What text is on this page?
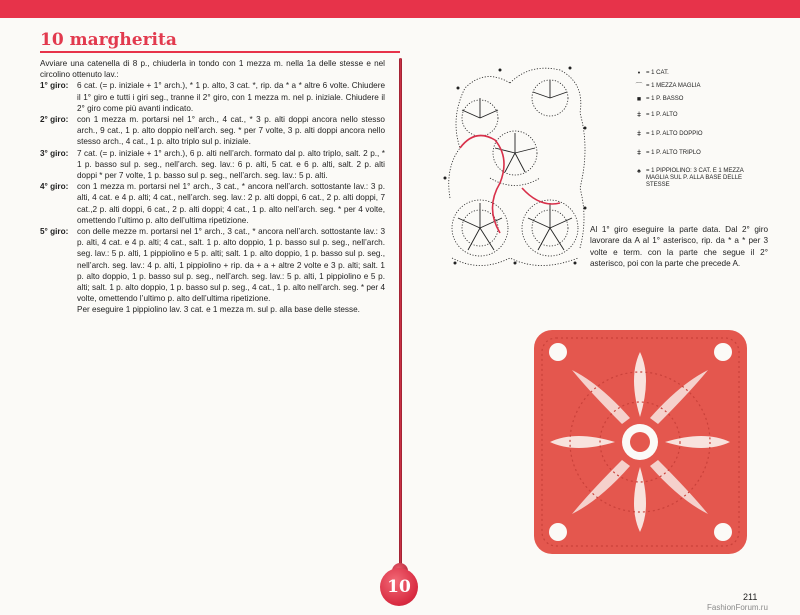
10 margherita

Avviare una catenella di 8 p., chiuderla in tondo con 1 mezza m. nella 1a delle stesse e nel circolino ottenuto lav.:

1° giro:	6 cat. (= p. iniziale + 1° arch.), * 1 p. alto, 3 cat. *, rip. da * a * altre 6 volte. Chiudere il 1° giro e tutti i giri seg., tranne il 2° giro, con 1 mezza m. nel p. iniziale. Chiudere il 2° giro come più avanti indicato.
2° giro:	con 1 mezza m. portarsi nel 1° arch., 4 cat., * 3 p. alti doppi ancora nello stesso arch., 9 cat., 1 p. alto doppio nell’arch. seg. * per 7 volte, 3 p. alti doppi ancora nello stesso arch., 4 cat., 1 p. alto triplo sul p. iniziale.
3° giro:	7 cat. (= p. iniziale + 1° arch.), 6 p. alti nell’arch. formato dal p. alto triplo, salt. 2 p., * 1 p. basso sul p. seg., nell’arch. seg. lav.: 6 p. alti, 5 cat. e 6 p. alti, salt. 2 p. alti doppi * per 7 volte, 1 p. basso sul p. seg., nell’arch. seg. lav.: 5 p. alti.
4° giro:	con 1 mezza m. portarsi nel 1° arch., 3 cat., * ancora nell’arch. sottostante lav.: 3 p. alti, 4 cat. e 4 p. alti; 4 cat., nell’arch. seg. lav.: 2 p. alti doppi, 6 cat., 2 p. alti doppi, 7 cat.,2 p. alti doppi, 6 cat., 2 p. alti doppi; 4 cat., 1 p. alto nell’arch. seg. * per 4 volte, omettendo l’ultimo p. alto dell’ultima ripetizione.
5° giro:	con delle mezze m. portarsi nel 1° arch., 3 cat., * ancora nell’arch. sottostante lav.: 3 p. alti, 4 cat. e 4 p. alti; 4 cat., salt. 1 p. alto doppio, 1 p. basso sul p. seg., nell’arch. seg. lav.: 5 p. alti, 1 pippiolino e 5 p. alti; salt. 1 p. alto doppio, 1 p. basso sul p. seg., nell’arch. seg. lav.: 4 p. alti, 1 pippiolino + rip. da + a + altre 2 volte e 3 p. alti; salt. 1 p. alto doppio, 1 p. basso sul p. seg., nell’arch. seg. lav.: 5 p. alti, 1 pippiolino e 5 p. alti; salt. 1 p. alto doppio, 1 p. basso sul p. seg., 4 cat., 1 p. alto nell’arch. seg. * per 4 volte, omettendo l’ultimo p. alto dell’ultima ripetizione.
Per eseguire 1 pippiolino lav. 3 cat. e 1 mezza m. sul p. alla base delle stesse.
10
• = 1 CAT.
⌒ = 1 MEZZA MAGLIA
■ = 1 P. BASSO
ǂ = 1 P. ALTO
ǂ = 1 P. ALTO DOPPIO
ǂ = 1 P. ALTO TRIPLO
♠ = 1 PIPPIOLINO: 3 CAT. E 1 MEZZA MAGLIA SUL P. ALLA BASE DELLE STESSE

Al 1° giro eseguire la parte data. Dal 2° giro lavorare da A al 1° asterisco, rip. da * a * per 3 volte e term. con la parte che segue il 2° asterisco, poi con la parte che precede A.

211
FashionForum.ru
